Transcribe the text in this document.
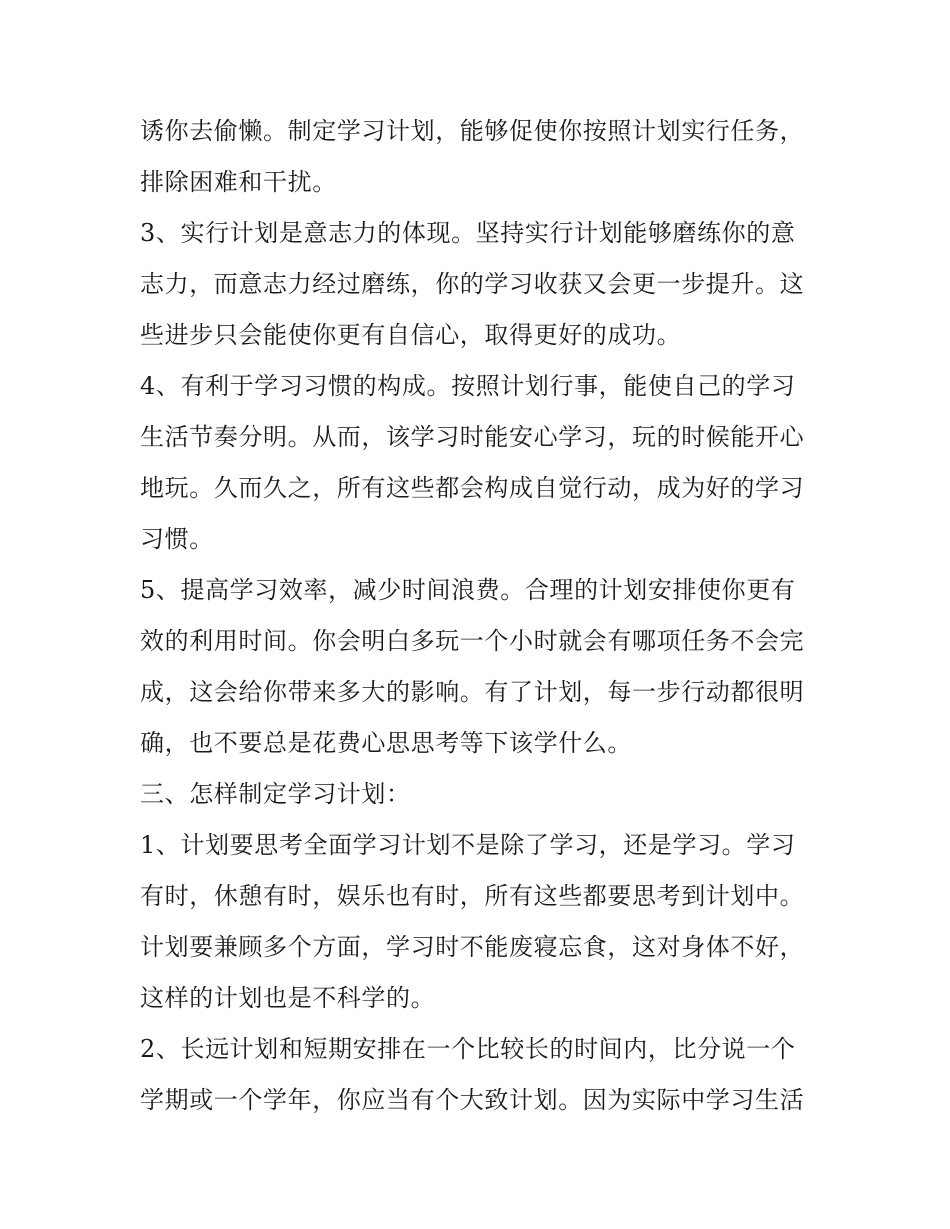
诱你去偷懒。制定学习计划，能够促使你按照计划实行任务，
排除困难和干扰。
3、实行计划是意志力的体现。坚持实行计划能够磨练你的意
志力，而意志力经过磨练，你的学习收获又会更一步提升。这
些进步只会能使你更有自信心，取得更好的成功。
4、有利于学习习惯的构成。按照计划行事，能使自己的学习
生活节奏分明。从而，该学习时能安心学习，玩的时候能开心
地玩。久而久之，所有这些都会构成自觉行动，成为好的学习
习惯。
5、提高学习效率，减少时间浪费。合理的计划安排使你更有
效的利用时间。你会明白多玩一个小时就会有哪项任务不会完
成，这会给你带来多大的影响。有了计划，每一步行动都很明
确，也不要总是花费心思思考等下该学什么。
三、怎样制定学习计划：
1、计划要思考全面学习计划不是除了学习，还是学习。学习
有时，休憩有时，娱乐也有时，所有这些都要思考到计划中。
计划要兼顾多个方面，学习时不能废寝忘食，这对身体不好，
这样的计划也是不科学的。
2、长远计划和短期安排在一个比较长的时间内，比分说一个
学期或一个学年，你应当有个大致计划。因为实际中学习生活
